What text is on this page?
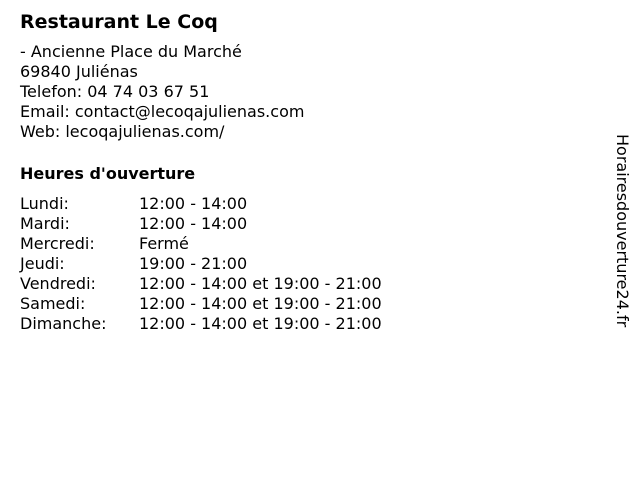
Restaurant Le Coq
- Ancienne Place du Marché
69840 Juliénas
Telefon: 04 74 03 67 51
Email: contact@lecoqajulienas.com
Web: lecoqajulienas.com/
Heures d'ouverture
Lundi:	12:00 - 14:00
Mardi:	12:00 - 14:00
Mercredi:	Fermé
Jeudi:	19:00 - 21:00
Vendredi:	12:00 - 14:00 et 19:00 - 21:00
Samedi:	12:00 - 14:00 et 19:00 - 21:00
Dimanche:	12:00 - 14:00 et 19:00 - 21:00	Horairesdouverture24.fr
